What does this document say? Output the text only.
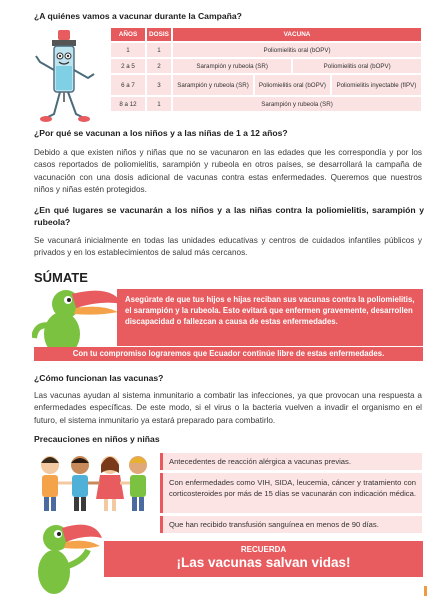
¿A quiénes vamos a vacunar durante la Campaña?
AÑOS	DOSIS	VACUNA			
1	1	Poliomielitis oral (bOPV)			
2 a 5	2	Sarampión y rubeola (SR)		Poliomielitis oral (bOPV)	
6 a 7	3	Sarampión y rubeola (SR)	Poliomielitis oral (bOPV)		Poliomielitis inyectable (fIPV)
8 a 12	1	Sarampión y rubeola (SR)			
¿Por qué se vacunan a los niños y a las niñas de 1 a 12 años?
Debido a que existen niños y niñas que no se vacunaron en las edades que les correspondía y por los casos reportados de poliomielitis, sarampión y rubeola en otros países, se desarrollará la campaña de vacunación con una dosis adicional de vacunas contra estas enfermedades. Queremos que nuestros niños y niñas estén protegidos.
¿En qué lugares se vacunarán a los niños y a las niñas contra la poliomielitis, sarampión y rubeola?
Se vacunará inicialmente en todas las unidades educativas y centros de cuidados infantiles públicos y privados y en los establecimientos de salud más cercanos.
SÚMATE
Asegúrate de que tus hijos e hijas reciban sus vacunas contra la poliomielitis, el sarampión y la rubeola. Esto evitará que enfermen gravemente, desarrollen discapacidad o fallezcan a causa de estas enfermedades.
Con tu compromiso lograremos que Ecuador continúe libre de estas enfermedades.
¿Cómo funcionan las vacunas?
Las vacunas ayudan al sistema inmunitario a combatir las infecciones, ya que provocan una respuesta a enfermedades específicas. De este modo, si el virus o la bacteria vuelven a invadir el organismo en el futuro, el sistema inmunitario ya estará preparado para combatirlo.
Precauciones en niños y niñas
Antecedentes de reacción alérgica a vacunas previas.
Con enfermedades como VIH, SIDA, leucemia, cáncer y tratamiento con corticosteroides por más de 15 días se vacunarán con indicación médica.
Que han recibido transfusión sanguínea en menos de 90 días.
RECUERDA
¡Las vacunas salvan vidas!
